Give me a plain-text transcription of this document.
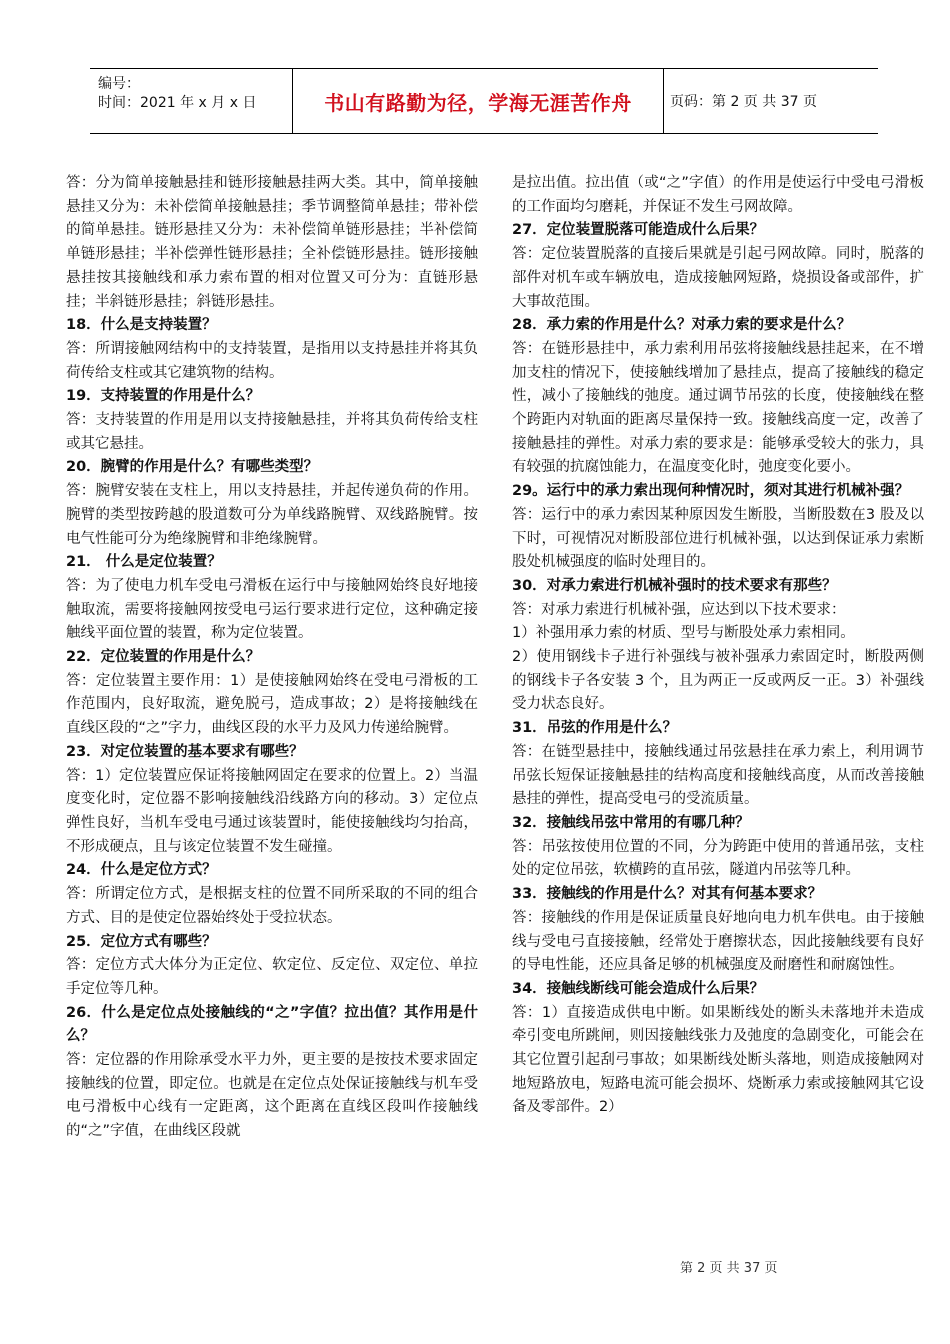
编号：
时间：2021 年 x 月 x 日	书山有路勤为径，学海无涯苦作舟	页码：第 2 页 共 37 页

答：分为简单接触悬挂和链形接触悬挂两大类。其中，简单接触悬挂又分为：未补偿简单接触悬挂；季节调整简单悬挂；带补偿的简单悬挂。链形悬挂又分为：未补偿简单链形悬挂；半补偿简单链形悬挂；半补偿弹性链形悬挂；全补偿链形悬挂。链形接触悬挂按其接触线和承力索布置的相对位置又可分为：直链形悬挂；半斜链形悬挂；斜链形悬挂。

18．什么是支持装置？

答：所谓接触网结构中的支持装置，是指用以支持悬挂并将其负荷传给支柱或其它建筑物的结构。

19．支持装置的作用是什么？

答：支持装置的作用是用以支持接触悬挂，并将其负荷传给支柱或其它悬挂。

20．腕臂的作用是什么？有哪些类型？

答：腕臂安装在支柱上，用以支持悬挂，并起传递负荷的作用。腕臂的类型按跨越的股道数可分为单线路腕臂、双线路腕臂。按电气性能可分为绝缘腕臂和非绝缘腕臂。

21． 什么是定位装置？

答：为了使电力机车受电弓滑板在运行中与接触网始终良好地接触取流，需要将接触网按受电弓运行要求进行定位，这种确定接触线平面位置的装置，称为定位装置。

22．定位装置的作用是什么？

答：定位装置主要作用：1）是使接触网始终在受电弓滑板的工作范围内，良好取流，避免脱弓，造成事故；2）是将接触线在直线区段的“之”字力，曲线区段的水平力及风力传递给腕臂。

23．对定位装置的基本要求有哪些？

答：1）定位装置应保证将接触网固定在要求的位置上。2）当温度变化时，定位器不影响接触线沿线路方向的移动。3）定位点弹性良好，当机车受电弓通过该装置时，能使接触线均匀抬高，不形成硬点，且与该定位装置不发生碰撞。

24．什么是定位方式？

答：所谓定位方式，是根据支柱的位置不同所采取的不同的组合方式、目的是使定位器始终处于受拉状态。

25．定位方式有哪些？

答：定位方式大体分为正定位、软定位、反定位、双定位、单拉手定位等几种。

26．什么是定位点处接触线的“之”字值？拉出值？其作用是什么？

答：定位器的作用除承受水平力外，更主要的是按技术要求固定接触线的位置，即定位。也就是在定位点处保证接触线与机车受电弓滑板中心线有一定距离，这个距离在直线区段叫作接触线的“之”字值，在曲线区段就

是拉出值。拉出值（或“之”字值）的作用是使运行中受电弓滑板的工作面均匀磨耗，并保证不发生弓网故障。

27．定位装置脱落可能造成什么后果？

答：定位装置脱落的直接后果就是引起弓网故障。同时，脱落的部件对机车或车辆放电，造成接触网短路，烧损设备或部件，扩大事故范围。

28．承力索的作用是什么？对承力索的要求是什么？

答：在链形悬挂中，承力索利用吊弦将接触线悬挂起来，在不增加支柱的情况下，使接触线增加了悬挂点，提高了接触线的稳定性，减小了接触线的弛度。通过调节吊弦的长度，使接触线在整个跨距内对轨面的距离尽量保持一致。接触线高度一定，改善了接触悬挂的弹性。对承力索的要求是：能够承受较大的张力，具有较强的抗腐蚀能力，在温度变化时，弛度变化要小。

29。运行中的承力索出现何种情况时，须对其进行机械补强？

答：运行中的承力索因某种原因发生断股，当断股数在3 股及以下时，可视情况对断股部位进行机械补强，以达到保证承力索断股处机械强度的临时处理目的。

30．对承力索进行机械补强时的技术要求有那些？

答：对承力索进行机械补强，应达到以下技术要求：

1）补强用承力索的材质、型号与断股处承力索相同。

2）使用钢线卡子进行补强线与被补强承力索固定时，断股两侧的钢线卡子各安装 3 个，且为两正一反或两反一正。3）补强线受力状态良好。

31．吊弦的作用是什么？

答：在链型悬挂中，接触线通过吊弦悬挂在承力索上，利用调节吊弦长短保证接触悬挂的结构高度和接触线高度，从而改善接触悬挂的弹性，提高受电弓的受流质量。

32．接触线吊弦中常用的有哪几种？

答：吊弦按使用位置的不同，分为跨距中使用的普通吊弦，支柱处的定位吊弦，软横跨的直吊弦，隧道内吊弦等几种。

33．接触线的作用是什么？对其有何基本要求？

答：接触线的作用是保证质量良好地向电力机车供电。由于接触线与受电弓直接接触，经常处于磨擦状态，因此接触线要有良好的导电性能，还应具备足够的机械强度及耐磨性和耐腐蚀性。

34．接触线断线可能会造成什么后果？

答：1）直接造成供电中断。如果断线处的断头未落地并未造成牵引变电所跳闸，则因接触线张力及弛度的急剧变化，可能会在其它位置引起刮弓事故；如果断线处断头落地，则造成接触网对地短路放电，短路电流可能会损坏、烧断承力索或接触网其它设备及零部件。2）

第 2 页 共 37 页
